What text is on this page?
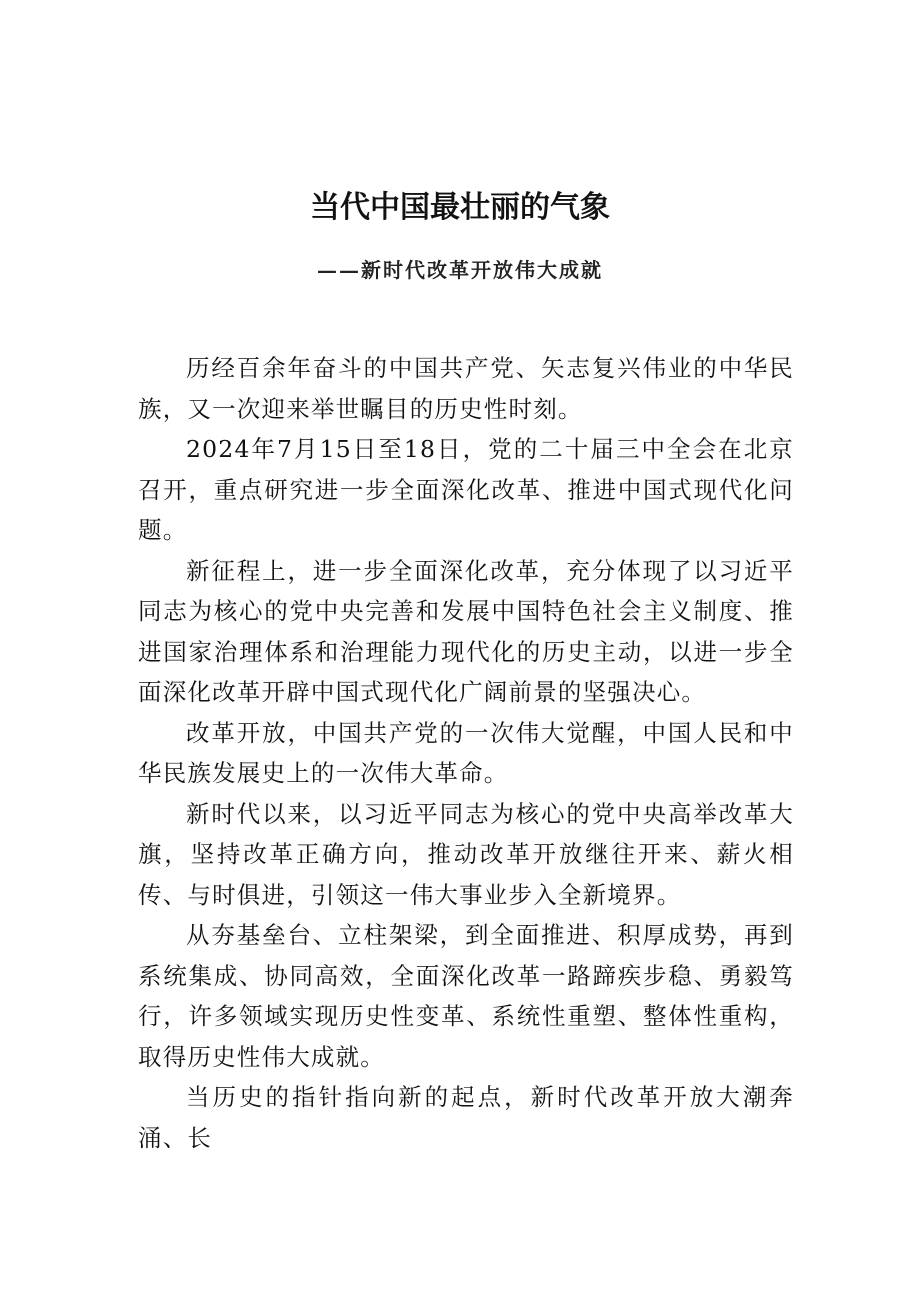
当代中国最壮丽的气象
——新时代改革开放伟大成就

历经百余年奋斗的中国共产党、矢志复兴伟业的中华民族，又一次迎来举世瞩目的历史性时刻。

2024年7月15日至18日，党的二十届三中全会在北京召开，重点研究进一步全面深化改革、推进中国式现代化问题。

新征程上，进一步全面深化改革，充分体现了以习近平同志为核心的党中央完善和发展中国特色社会主义制度、推进国家治理体系和治理能力现代化的历史主动，以进一步全面深化改革开辟中国式现代化广阔前景的坚强决心。

改革开放，中国共产党的一次伟大觉醒，中国人民和中华民族发展史上的一次伟大革命。

新时代以来，以习近平同志为核心的党中央高举改革大旗，坚持改革正确方向，推动改革开放继往开来、薪火相传、与时俱进，引领这一伟大事业步入全新境界。

从夯基垒台、立柱架梁，到全面推进、积厚成势，再到系统集成、协同高效，全面深化改革一路蹄疾步稳、勇毅笃行，许多领域实现历史性变革、系统性重塑、整体性重构，取得历史性伟大成就。

当历史的指针指向新的起点，新时代改革开放大潮奔涌、长
